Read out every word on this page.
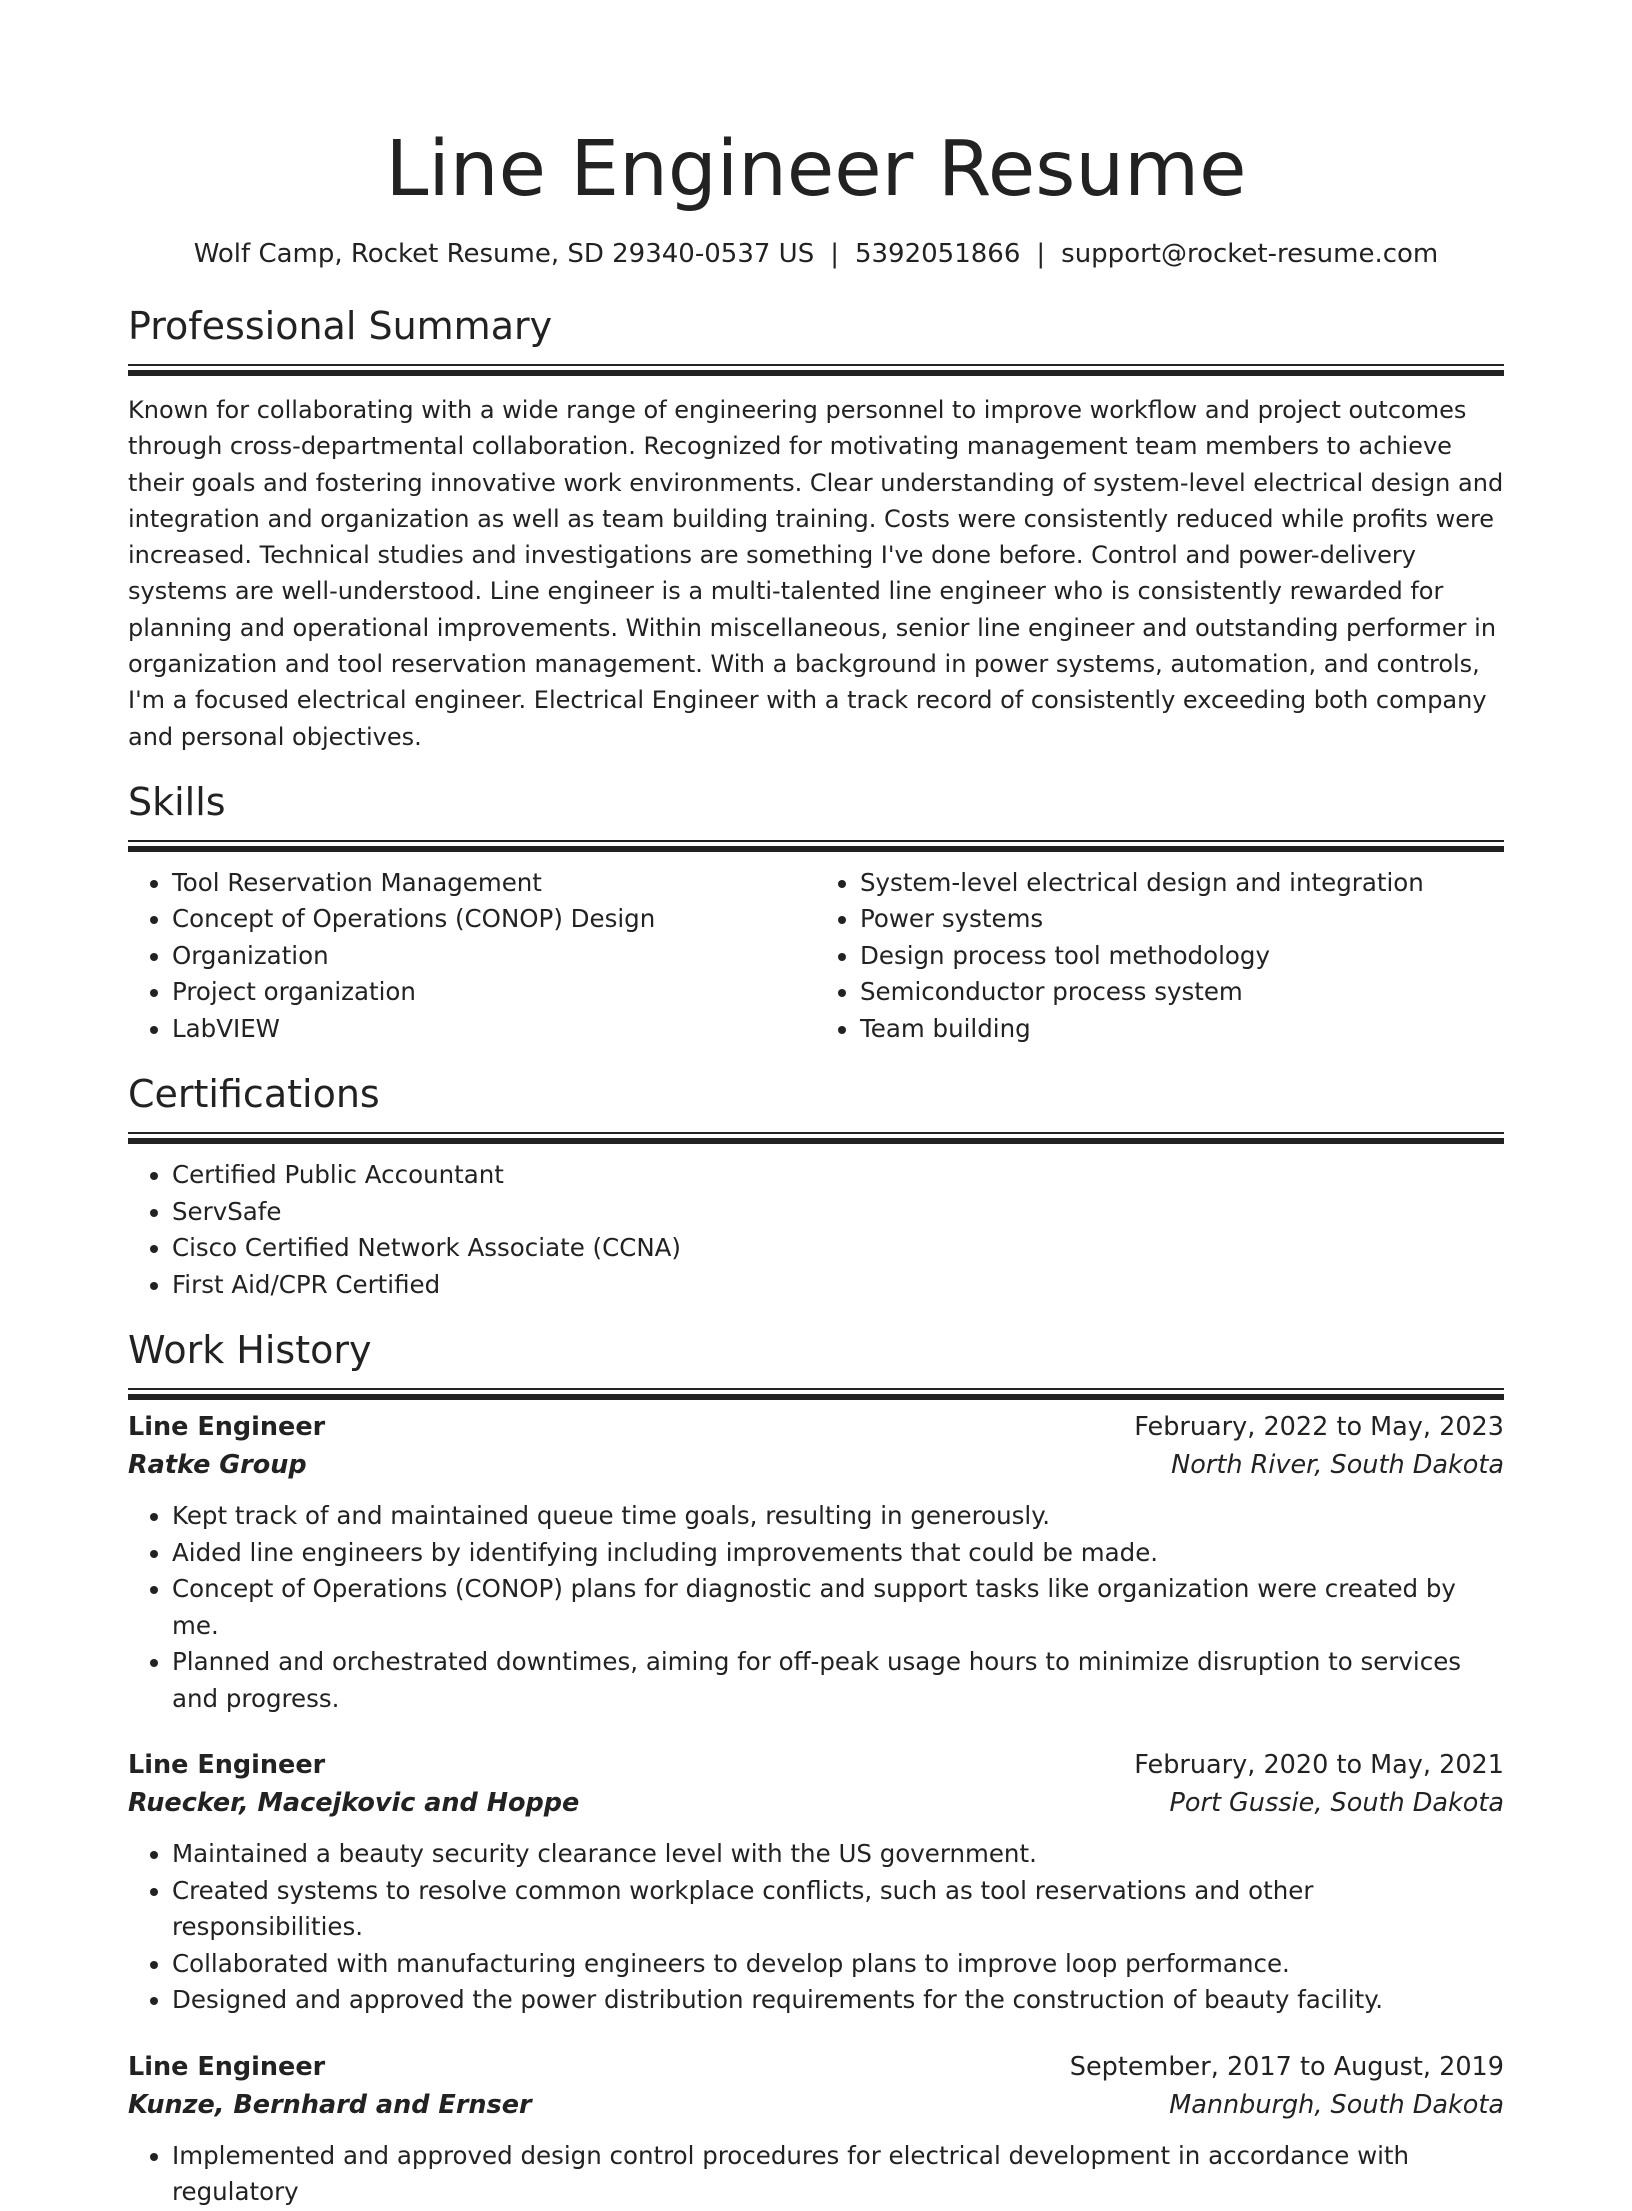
Line Engineer Resume
Wolf Camp, Rocket Resume, SD 29340-0537 US | 5392051866 | support@rocket-resume.com
Professional Summary

Known for collaborating with a wide range of engineering personnel to improve workflow and project outcomes through cross-departmental collaboration. Recognized for motivating management team members to achieve their goals and fostering innovative work environments. Clear understanding of system-level electrical design and integration and organization as well as team building training. Costs were consistently reduced while profits were increased. Technical studies and investigations are something I've done before. Control and power-delivery systems are well-understood. Line engineer is a multi-talented line engineer who is consistently rewarded for planning and operational improvements. Within miscellaneous, senior line engineer and outstanding performer in organization and tool reservation management. With a background in power systems, automation, and controls, I'm a focused electrical engineer. Electrical Engineer with a track record of consistently exceeding both company and personal objectives.

Skills
• Tool Reservation Management
• Concept of Operations (CONOP) Design
• Organization
• Project organization
• LabVIEW
• System-level electrical design and integration
• Power systems
• Design process tool methodology
• Semiconductor process system
• Team building
Certifications
• Certified Public Accountant
• ServSafe
• Cisco Certified Network Associate (CCNA)
• First Aid/CPR Certified
Work History
Line Engineer	February, 2022 to May, 2023
Ratke Group	North River, South Dakota
• Kept track of and maintained queue time goals, resulting in generously.
• Aided line engineers by identifying including improvements that could be made.
• Concept of Operations (CONOP) plans for diagnostic and support tasks like organization were created by me.
• Planned and orchestrated downtimes, aiming for off-peak usage hours to minimize disruption to services and progress.
Line Engineer	February, 2020 to May, 2021
Ruecker, Macejkovic and Hoppe	Port Gussie, South Dakota
• Maintained a beauty security clearance level with the US government.
• Created systems to resolve common workplace conflicts, such as tool reservations and other responsibilities.
• Collaborated with manufacturing engineers to develop plans to improve loop performance.
• Designed and approved the power distribution requirements for the construction of beauty facility.
Line Engineer	September, 2017 to August, 2019
Kunze, Bernhard and Ernser	Mannburgh, South Dakota
• Implemented and approved design control procedures for electrical development in accordance with regulatory
